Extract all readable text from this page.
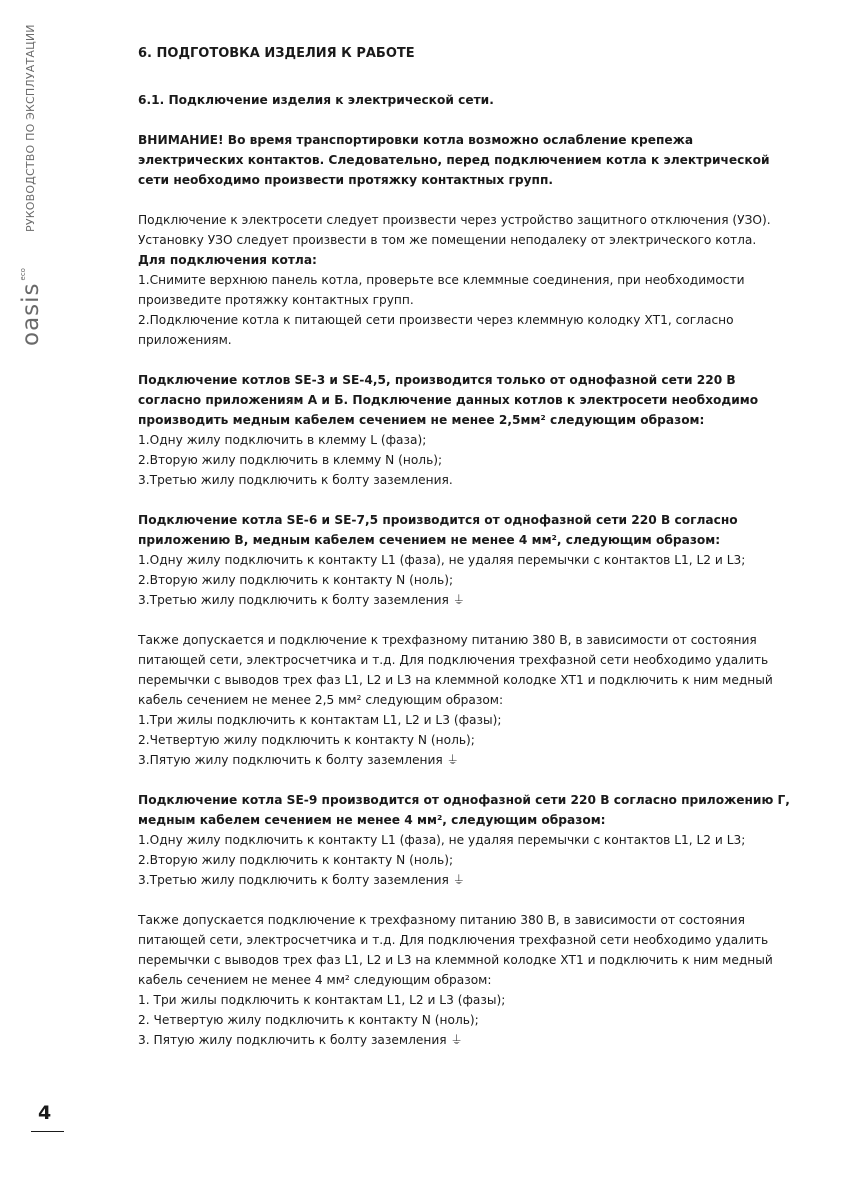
РУКОВОДСТВО ПО ЭКСПЛУАТАЦИИ
oasis$^{eco}$
6. ПОДГОТОВКА ИЗДЕЛИЯ К РАБОТЕ
6.1. Подключение изделия к электрической сети.
ВНИМАНИЕ! Во время транспортировки котла возможно ослабление крепежа электрических контактов. Следовательно, перед подключением котла к электрической сети необходимо произвести протяжку контактных групп.
Подключение к электросети следует произвести через устройство защитного отключения (УЗО). Установку УЗО следует произвести в том же помещении неподалеку от электрического котла.
Для подключения котла:
1.Снимите верхнюю панель котла, проверьте все клеммные соединения, при необходимости произведите протяжку контактных групп.
2.Подключение котла к питающей сети произвести через клеммную колодку ХТ1, согласно приложениям.
Подключение котлов SE-3 и SE-4,5, производится только от однофазной сети 220 В согласно приложениям А и Б. Подключение данных котлов к электросети необходимо производить медным кабелем сечением не менее 2,5мм² следующим образом:
1.Одну жилу подключить в клемму L (фаза);
2.Вторую жилу подключить в клемму N (ноль);
3.Третью жилу подключить к болту заземления.
Подключение котла SE-6 и SE-7,5 производится от однофазной сети 220 В согласно приложению В, медным кабелем сечением не менее 4 мм², следующим образом:
1.Одну жилу подключить к контакту L1 (фаза), не удаляя перемычки с контактов L1, L2 и L3;
2.Вторую жилу подключить к контакту N (ноль);
3.Третью жилу подключить к болту заземления ⏚
Также допускается и подключение к трехфазному питанию 380 В, в зависимости от состояния питающей сети, электросчетчика и т.д. Для подключения трехфазной сети необходимо удалить перемычки с выводов трех фаз L1, L2 и L3 на клеммной колодке ХТ1 и подключить к ним медный кабель сечением не менее 2,5 мм² следующим образом:
1.Три жилы подключить к контактам L1, L2 и L3 (фазы);
2.Четвертую жилу подключить к контакту N (ноль);
3.Пятую жилу подключить к болту заземления ⏚
Подключение котла SE-9 производится от однофазной сети 220 В согласно приложению Г, медным кабелем сечением не менее 4 мм², следующим образом:
1.Одну жилу подключить к контакту L1 (фаза), не удаляя перемычки с контактов L1, L2 и L3;
2.Вторую жилу подключить к контакту N (ноль);
3.Третью жилу подключить к болту заземления ⏚
Также допускается подключение к трехфазному питанию 380 В, в зависимости от состояния питающей сети, электросчетчика и т.д. Для подключения трехфазной сети необходимо удалить перемычки с выводов трех фаз L1, L2 и L3 на клеммной колодке ХТ1 и подключить к ним медный кабель сечением не менее 4 мм² следующим образом:
1. Три жилы подключить к контактам L1, L2 и L3 (фазы);
2. Четвертую жилу подключить к контакту N (ноль);
3. Пятую жилу подключить к болту заземления ⏚
4
